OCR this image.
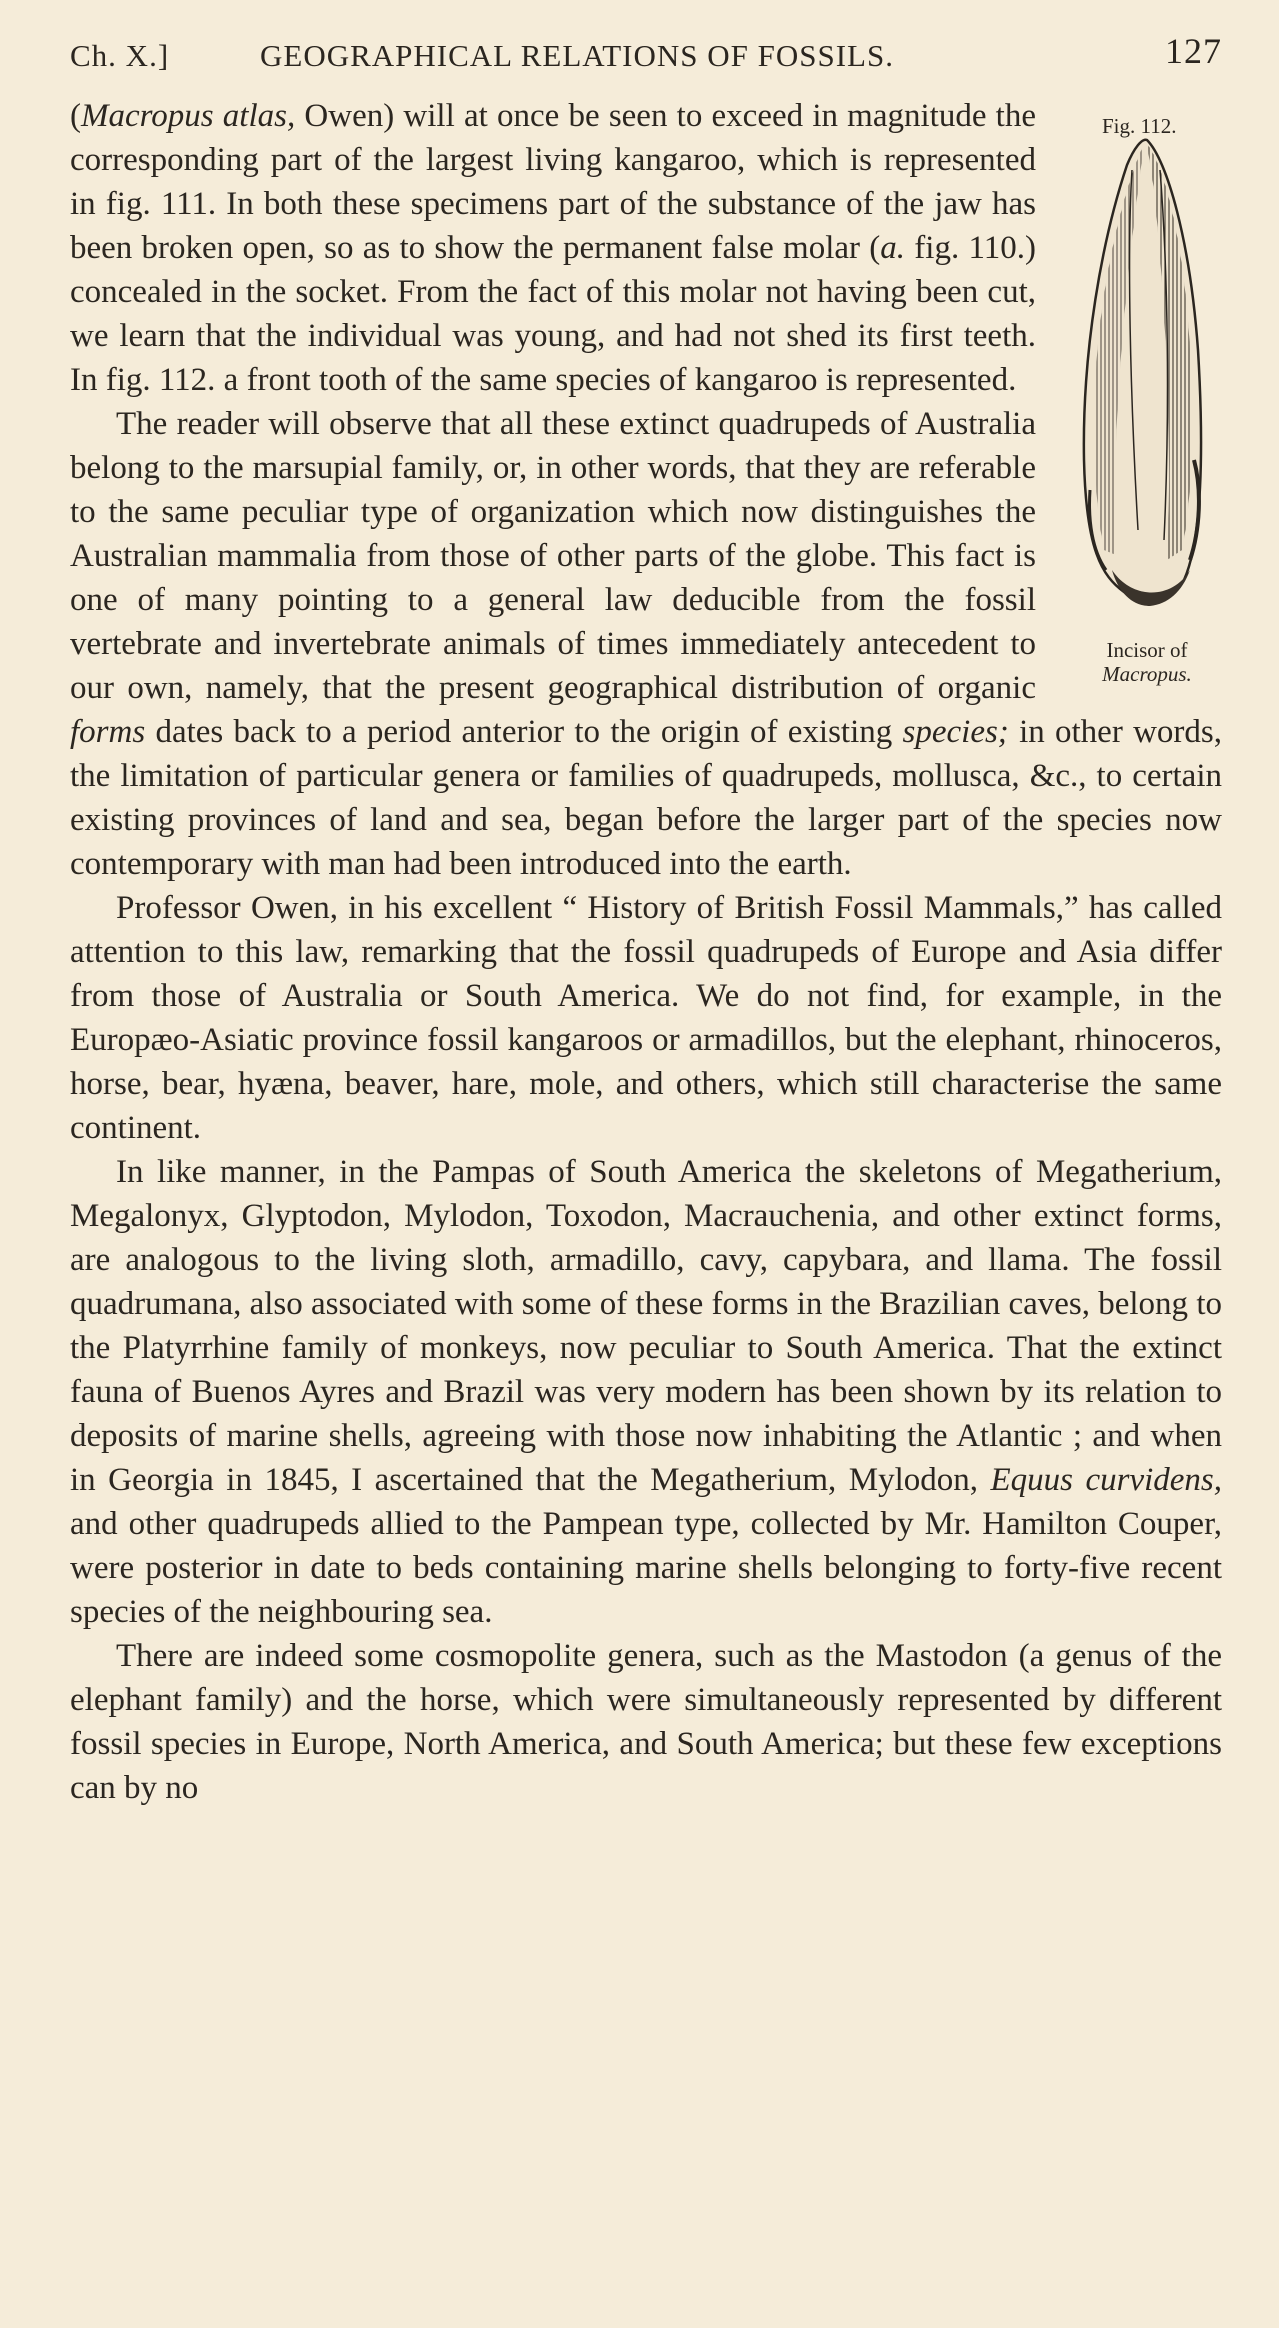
Ch. X.]	GEOGRAPHICAL RELATIONS OF FOSSILS.	127
Fig. 112.
Incisor of Macropus.

(Macropus atlas, Owen) will at once be seen to exceed in magnitude the corresponding part of the largest living kangaroo, which is represented in fig. 111. In both these specimens part of the substance of the jaw has been broken open, so as to show the permanent false molar (a. fig. 110.) concealed in the socket. From the fact of this molar not having been cut, we learn that the individual was young, and had not shed its first teeth. In fig. 112. a front tooth of the same species of kangaroo is represented.

The reader will observe that all these extinct quadrupeds of Australia belong to the marsupial family, or, in other words, that they are referable to the same peculiar type of organization which now distinguishes the Australian mammalia from those of other parts of the globe. This fact is one of many pointing to a general law deducible from the fossil vertebrate and invertebrate animals of times immediately antecedent to our own, namely, that the present geographical distribution of organic forms dates back to a period anterior to the origin of existing species; in other words, the limitation of particular genera or families of quadrupeds, mollusca, &c., to certain existing provinces of land and sea, began before the larger part of the species now contemporary with man had been introduced into the earth.

Professor Owen, in his excellent “ History of British Fossil Mammals,” has called attention to this law, remarking that the fossil quadrupeds of Europe and Asia differ from those of Australia or South America. We do not find, for example, in the Europæo-Asiatic province fossil kangaroos or armadillos, but the elephant, rhinoceros, horse, bear, hyæna, beaver, hare, mole, and others, which still characterise the same continent.

In like manner, in the Pampas of South America the skeletons of Megatherium, Megalonyx, Glyptodon, Mylodon, Toxodon, Macrauchenia, and other extinct forms, are analogous to the living sloth, armadillo, cavy, capybara, and llama. The fossil quadrumana, also associated with some of these forms in the Brazilian caves, belong to the Platyrrhine family of monkeys, now peculiar to South America. That the extinct fauna of Buenos Ayres and Brazil was very modern has been shown by its relation to deposits of marine shells, agreeing with those now inhabiting the Atlantic ; and when in Georgia in 1845, I ascertained that the Megatherium, Mylodon, Equus curvidens, and other quadrupeds allied to the Pampean type, collected by Mr. Hamilton Couper, were posterior in date to beds containing marine shells belonging to forty-five recent species of the neighbouring sea.

There are indeed some cosmopolite genera, such as the Mastodon (a genus of the elephant family) and the horse, which were simultaneously represented by different fossil species in Europe, North America, and South America; but these few exceptions can by no
